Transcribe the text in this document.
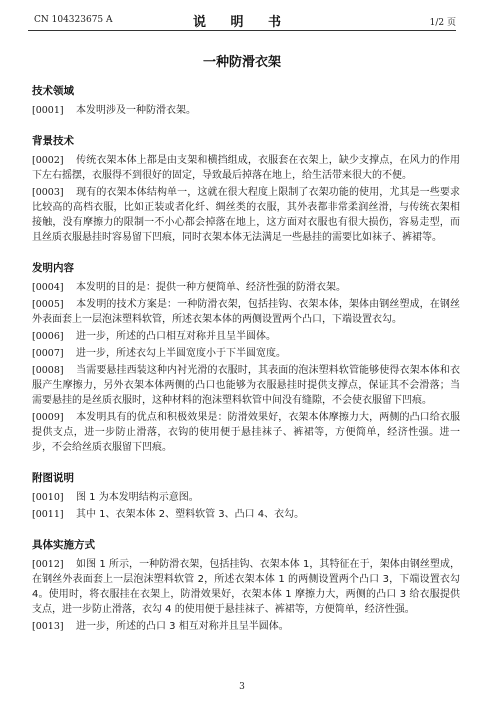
CN 104323675 A	说 明 书	1/2 页
一种防滑衣架
技术领域
[0001] 本发明涉及一种防滑衣架。
背景技术
[0002] 传统衣架本体上都是由支架和横挡组成，衣服套在衣架上，缺少支撑点，在风力的作用下左右摇摆，衣服得不到很好的固定，导致最后掉落在地上，给生活带来很大的不便。
[0003] 现有的衣架本体结构单一，这就在很大程度上限制了衣架功能的使用，尤其是一些要求比较高的高档衣服，比如正装或者化纤、绸丝类的衣服，其外表都非常柔润丝滑，与传统衣架相接触，没有摩擦力的限制一不小心都会掉落在地上，这方面对衣服也有很大损伤，容易走型，而且丝质衣服悬挂时容易留下凹痕，同时衣架本体无法满足一些悬挂的需要比如袜子、裤裙等。
发明内容
[0004] 本发明的目的是：提供一种方便简单、经济性强的防滑衣架。
[0005] 本发明的技术方案是：一种防滑衣架，包括挂钩、衣架本体，架体由钢丝塑成，在钢丝外表面套上一层泡沫塑料软管，所述衣架本体的两侧设置两个凸口，下端设置衣勾。
[0006] 进一步，所述的凸口相互对称并且呈半圆体。
[0007] 进一步，所述衣勾上半圆宽度小于下半圆宽度。
[0008] 当需要悬挂西装这种内衬光滑的衣服时，其表面的泡沫塑料软管能够使得衣架本体和衣服产生摩擦力，另外衣架本体两侧的凸口也能够为衣服悬挂时提供支撑点，保证其不会滑落；当需要悬挂的是丝质衣服时，这种材料的泡沫塑料软管中间没有缝隙，不会使衣服留下凹痕。
[0009] 本发明具有的优点和积极效果是：防滑效果好，衣架本体摩擦力大，两侧的凸口给衣服提供支点，进一步防止滑落，衣钩的使用便于悬挂袜子、裤裙等，方便简单，经济性强。进一步，不会给丝质衣服留下凹痕。
附图说明
[0010] 图 1 为本发明结构示意图。
[0011] 其中 1、衣架本体 2、塑料软管 3、凸口 4、衣勾。
具体实施方式
[0012] 如图 1 所示，一种防滑衣架，包括挂钩、衣架本体 1，其特征在于，架体由钢丝塑成，在钢丝外表面套上一层泡沫塑料软管 2，所述衣架本体 1 的两侧设置两个凸口 3，下端设置衣勾 4。使用时，将衣服挂在衣架上，防滑效果好，衣架本体 1 摩擦力大，两侧的凸口 3 给衣服提供支点，进一步防止滑落，衣勾 4 的使用便于悬挂袜子、裤裙等，方便简单，经济性强。
[0013] 进一步，所述的凸口 3 相互对称并且呈半圆体。
3
